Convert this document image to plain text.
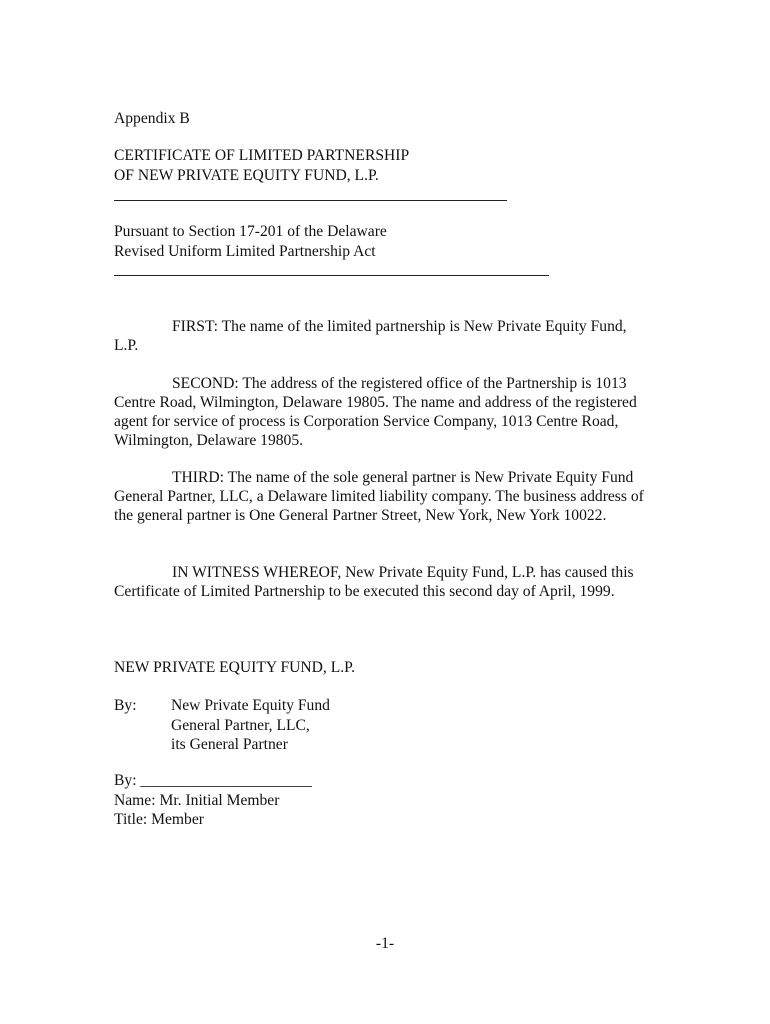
Appendix B
CERTIFICATE OF LIMITED PARTNERSHIP
OF NEW PRIVATE EQUITY FUND, L.P.
Pursuant to Section 17-201 of the Delaware
Revised Uniform Limited Partnership Act
FIRST: The name of the limited partnership is New Private Equity Fund, L.P.
SECOND: The address of the registered office of the Partnership is 1013 Centre Road, Wilmington, Delaware 19805. The name and address of the registered agent for service of process is Corporation Service Company, 1013 Centre Road, Wilmington, Delaware 19805.
THIRD: The name of the sole general partner is New Private Equity Fund General Partner, LLC, a Delaware limited liability company. The business address of the general partner is One General Partner Street, New York, New York 10022.
IN WITNESS WHEREOF, New Private Equity Fund, L.P. has caused this Certificate of Limited Partnership to be executed this second day of April, 1999.
NEW PRIVATE EQUITY FUND, L.P.
By: New Private Equity Fund
General Partner, LLC,
its General Partner
By: ______________________
Name: Mr. Initial Member
Title: Member
-1-
